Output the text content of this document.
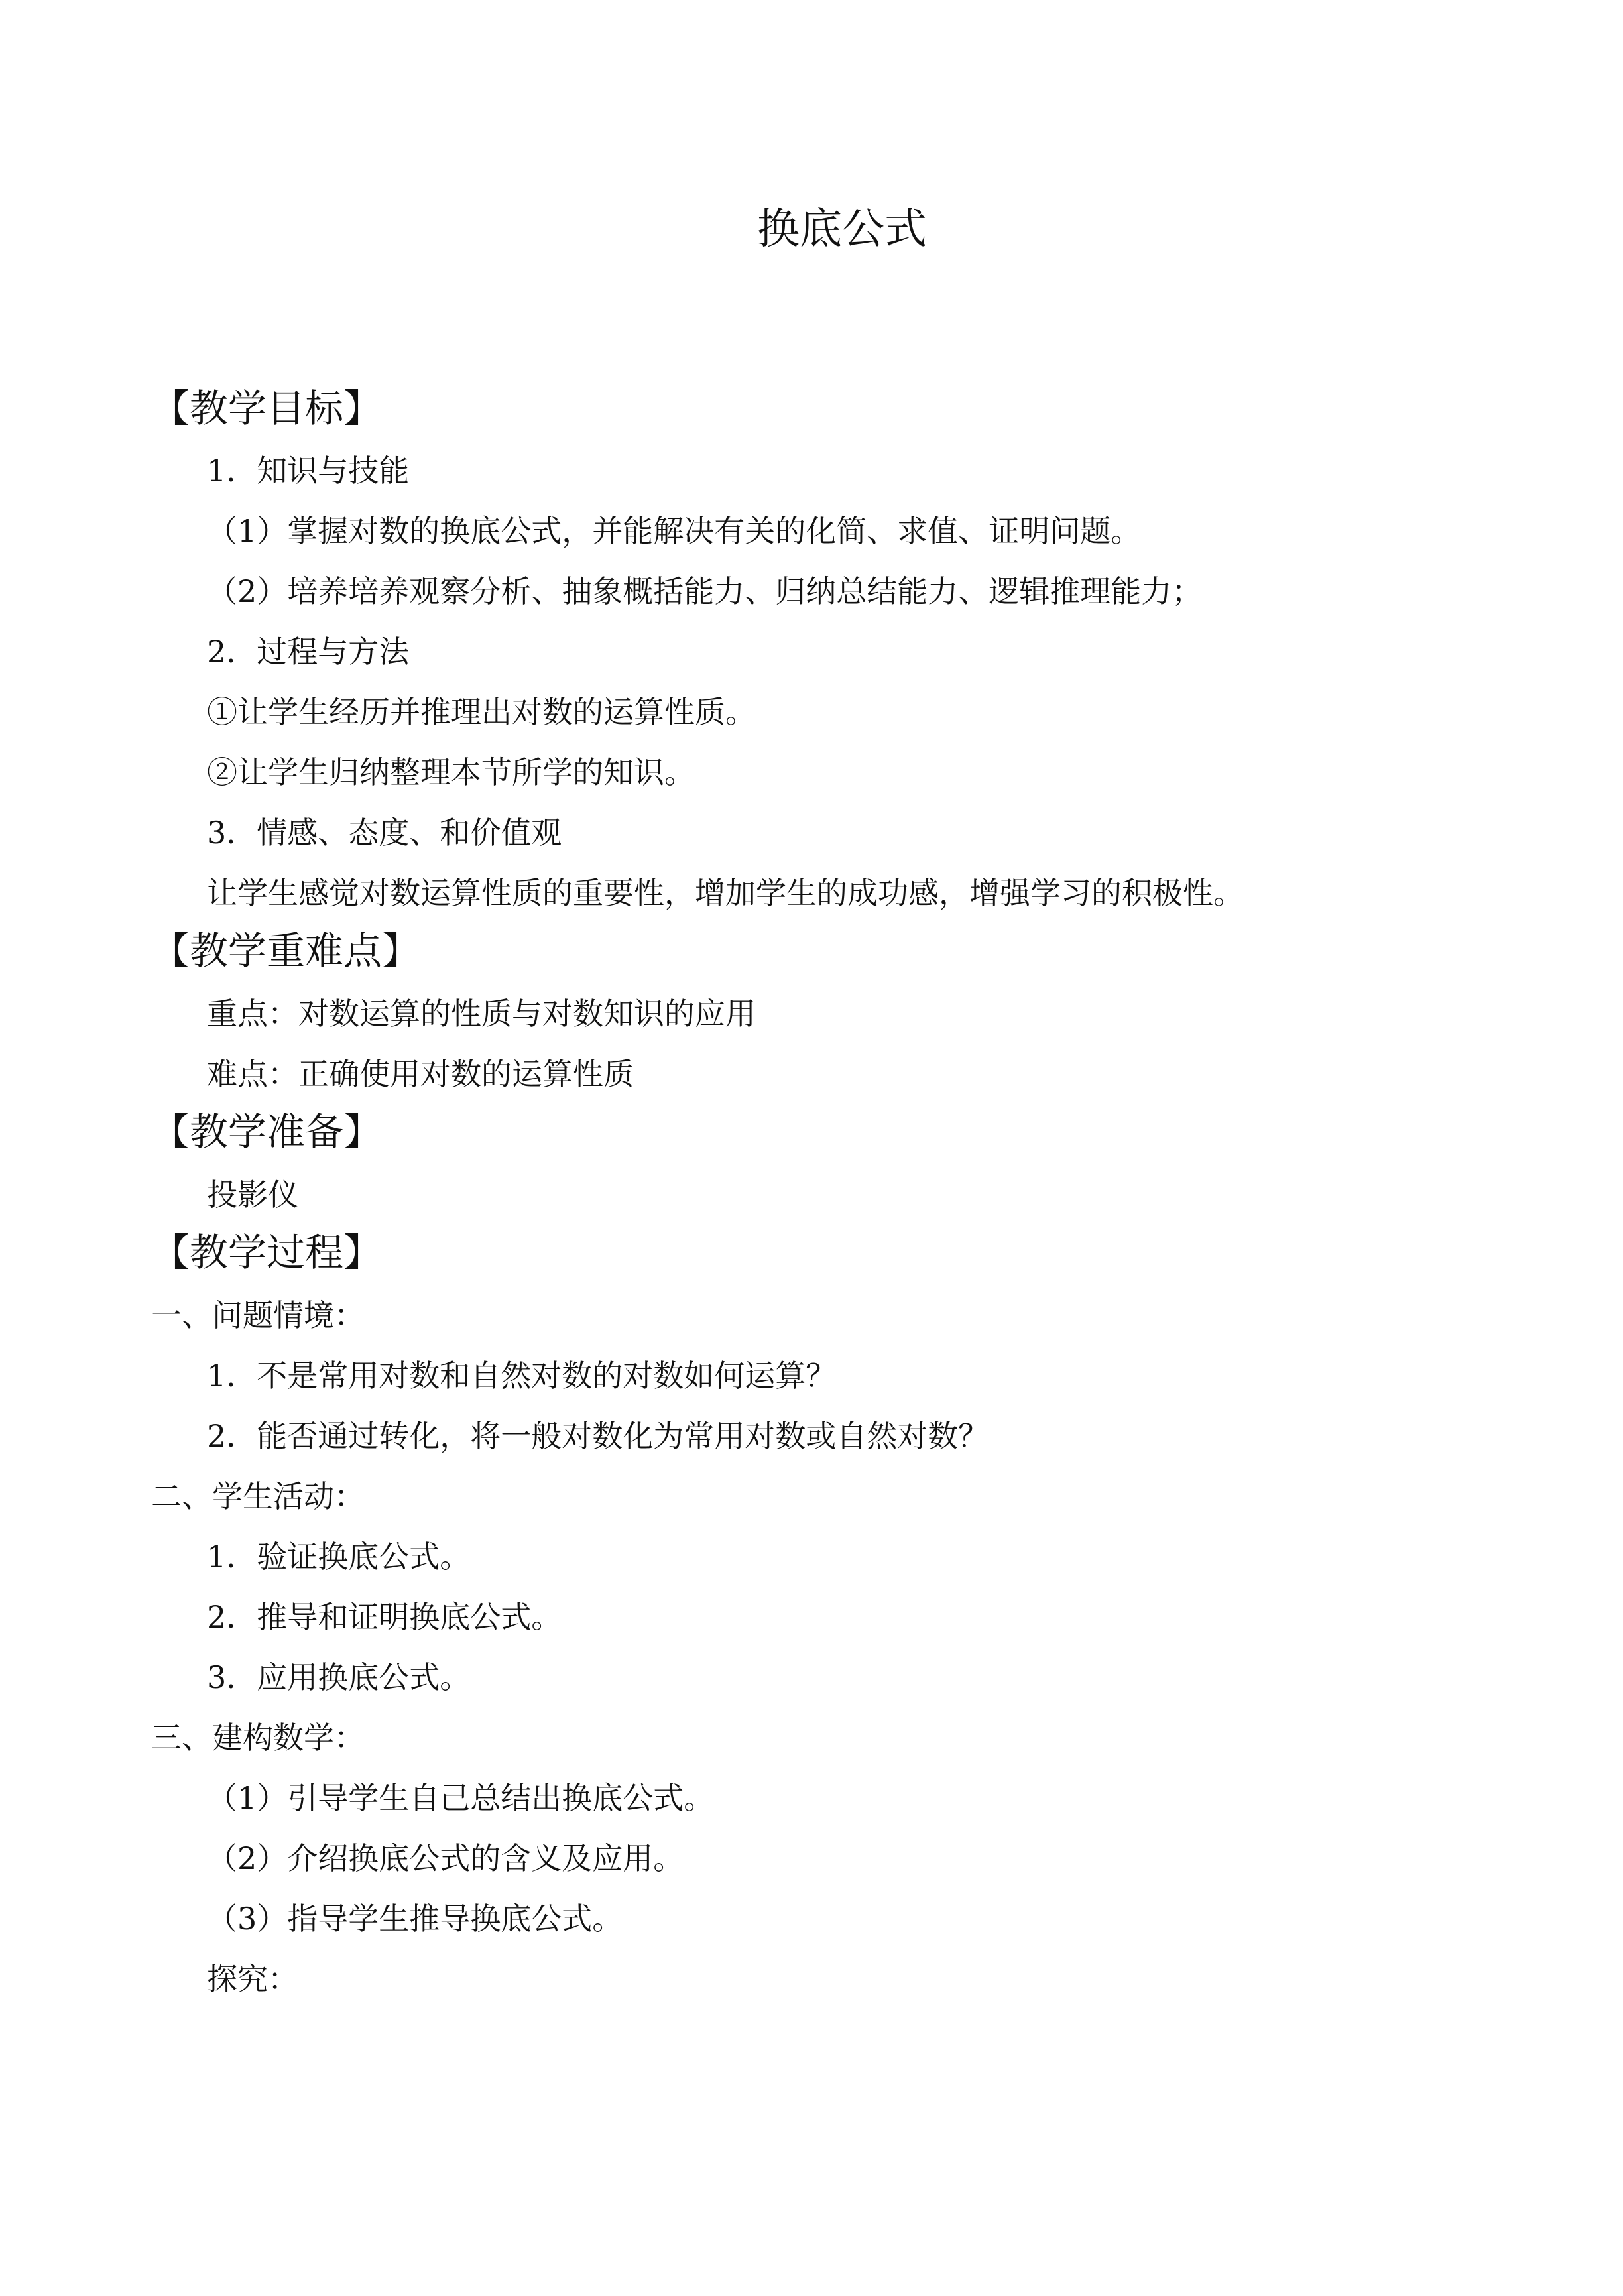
换底公式
【教学目标】
1．知识与技能
（1）掌握对数的换底公式，并能解决有关的化简、求值、证明问题。
（2）培养培养观察分析、抽象概括能力、归纳总结能力、逻辑推理能力；
2．过程与方法
①让学生经历并推理出对数的运算性质。
②让学生归纳整理本节所学的知识。
3．情感、态度、和价值观
让学生感觉对数运算性质的重要性，增加学生的成功感，增强学习的积极性。
【教学重难点】
重点：对数运算的性质与对数知识的应用
难点：正确使用对数的运算性质
【教学准备】
投影仪
【教学过程】
一、问题情境：
1．不是常用对数和自然对数的对数如何运算？
2．能否通过转化，将一般对数化为常用对数或自然对数？
二、学生活动：
1．验证换底公式。
2．推导和证明换底公式。
3．应用换底公式。
三、建构数学：
（1）引导学生自己总结出换底公式。
（2）介绍换底公式的含义及应用。
（3）指导学生推导换底公式。
探究：
